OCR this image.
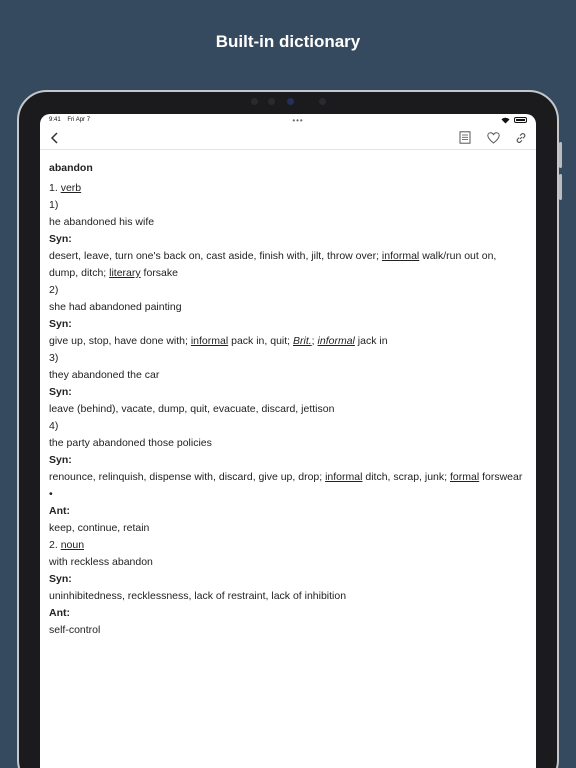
Built-in dictionary
9:41 Fri Apr 7	•••
abandon
1. verb
1)
he abandoned his wife
Syn:
desert, leave, turn one's back on, cast aside, finish with, jilt, throw over; informal walk/run out on, dump, ditch; literary forsake
2)
she had abandoned painting
Syn:
give up, stop, have done with; informal pack in, quit; Brit.; informal jack in
3)
they abandoned the car
Syn:
leave (behind), vacate, dump, quit, evacuate, discard, jettison
4)
the party abandoned those policies
Syn:
renounce, relinquish, dispense with, discard, give up, drop; informal ditch, scrap, junk; formal forswear
•
Ant:
keep, continue, retain
2. noun
with reckless abandon
Syn:
uninhibitedness, recklessness, lack of restraint, lack of inhibition
Ant:
self-control
